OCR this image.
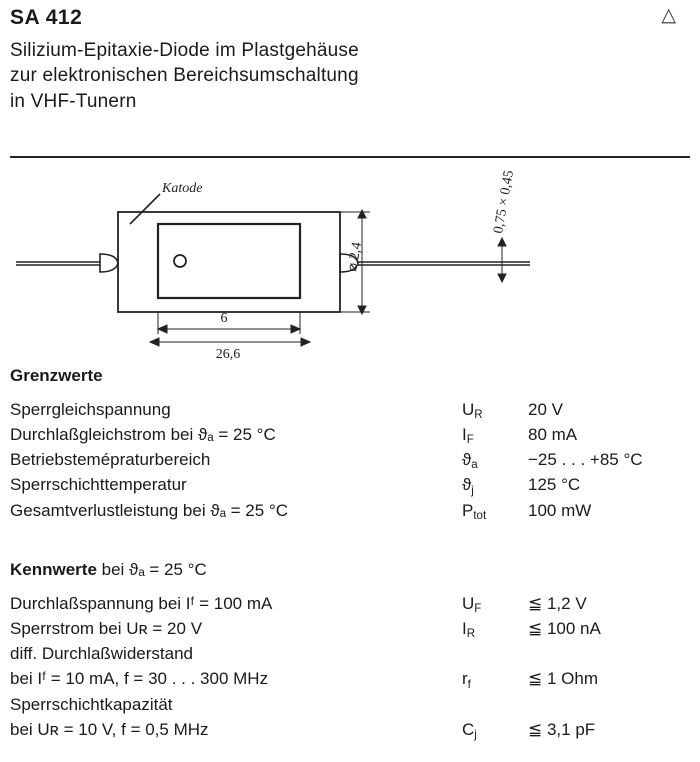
SA 412	△
Silizium-Epitaxie-Diode im Plastgehäuse
zur elektronischen Bereichsumschaltung
in VHF-Tunern
Katode
6
26,6
⌀ 2,4
0,75 × 0,45
Grenzwerte
Sperrgleichspannung	$U_R$	20 V
Durchlaßgleichstrom bei ϑₐ = 25 °C	$I_F$	80 mA
Betriebstemépraturbereich	$ϑ_a$	−25 . . . +85 °C
Sperrschichttemperatur	$ϑ_j$	125 °C
Gesamtverlustleistung bei ϑₐ = 25 °C	$P_{tot}$	100 mW
Kennwerte bei ϑₐ = 25 °C
Durchlaßspannung bei Iᶠ = 100 mA	$U_F$	≦ 1,2 V
Sperrstrom bei Uʀ = 20 V	$I_R$	≦ 100 nA
diff. Durchlaßwiderstand		
bei Iᶠ = 10 mA, f = 30 . . . 300 MHz	$r_f$	≦ 1 Ohm
Sperrschichtkapazität		
bei Uʀ = 10 V, f = 0,5 MHz	$C_j$	≦ 3,1 pF
